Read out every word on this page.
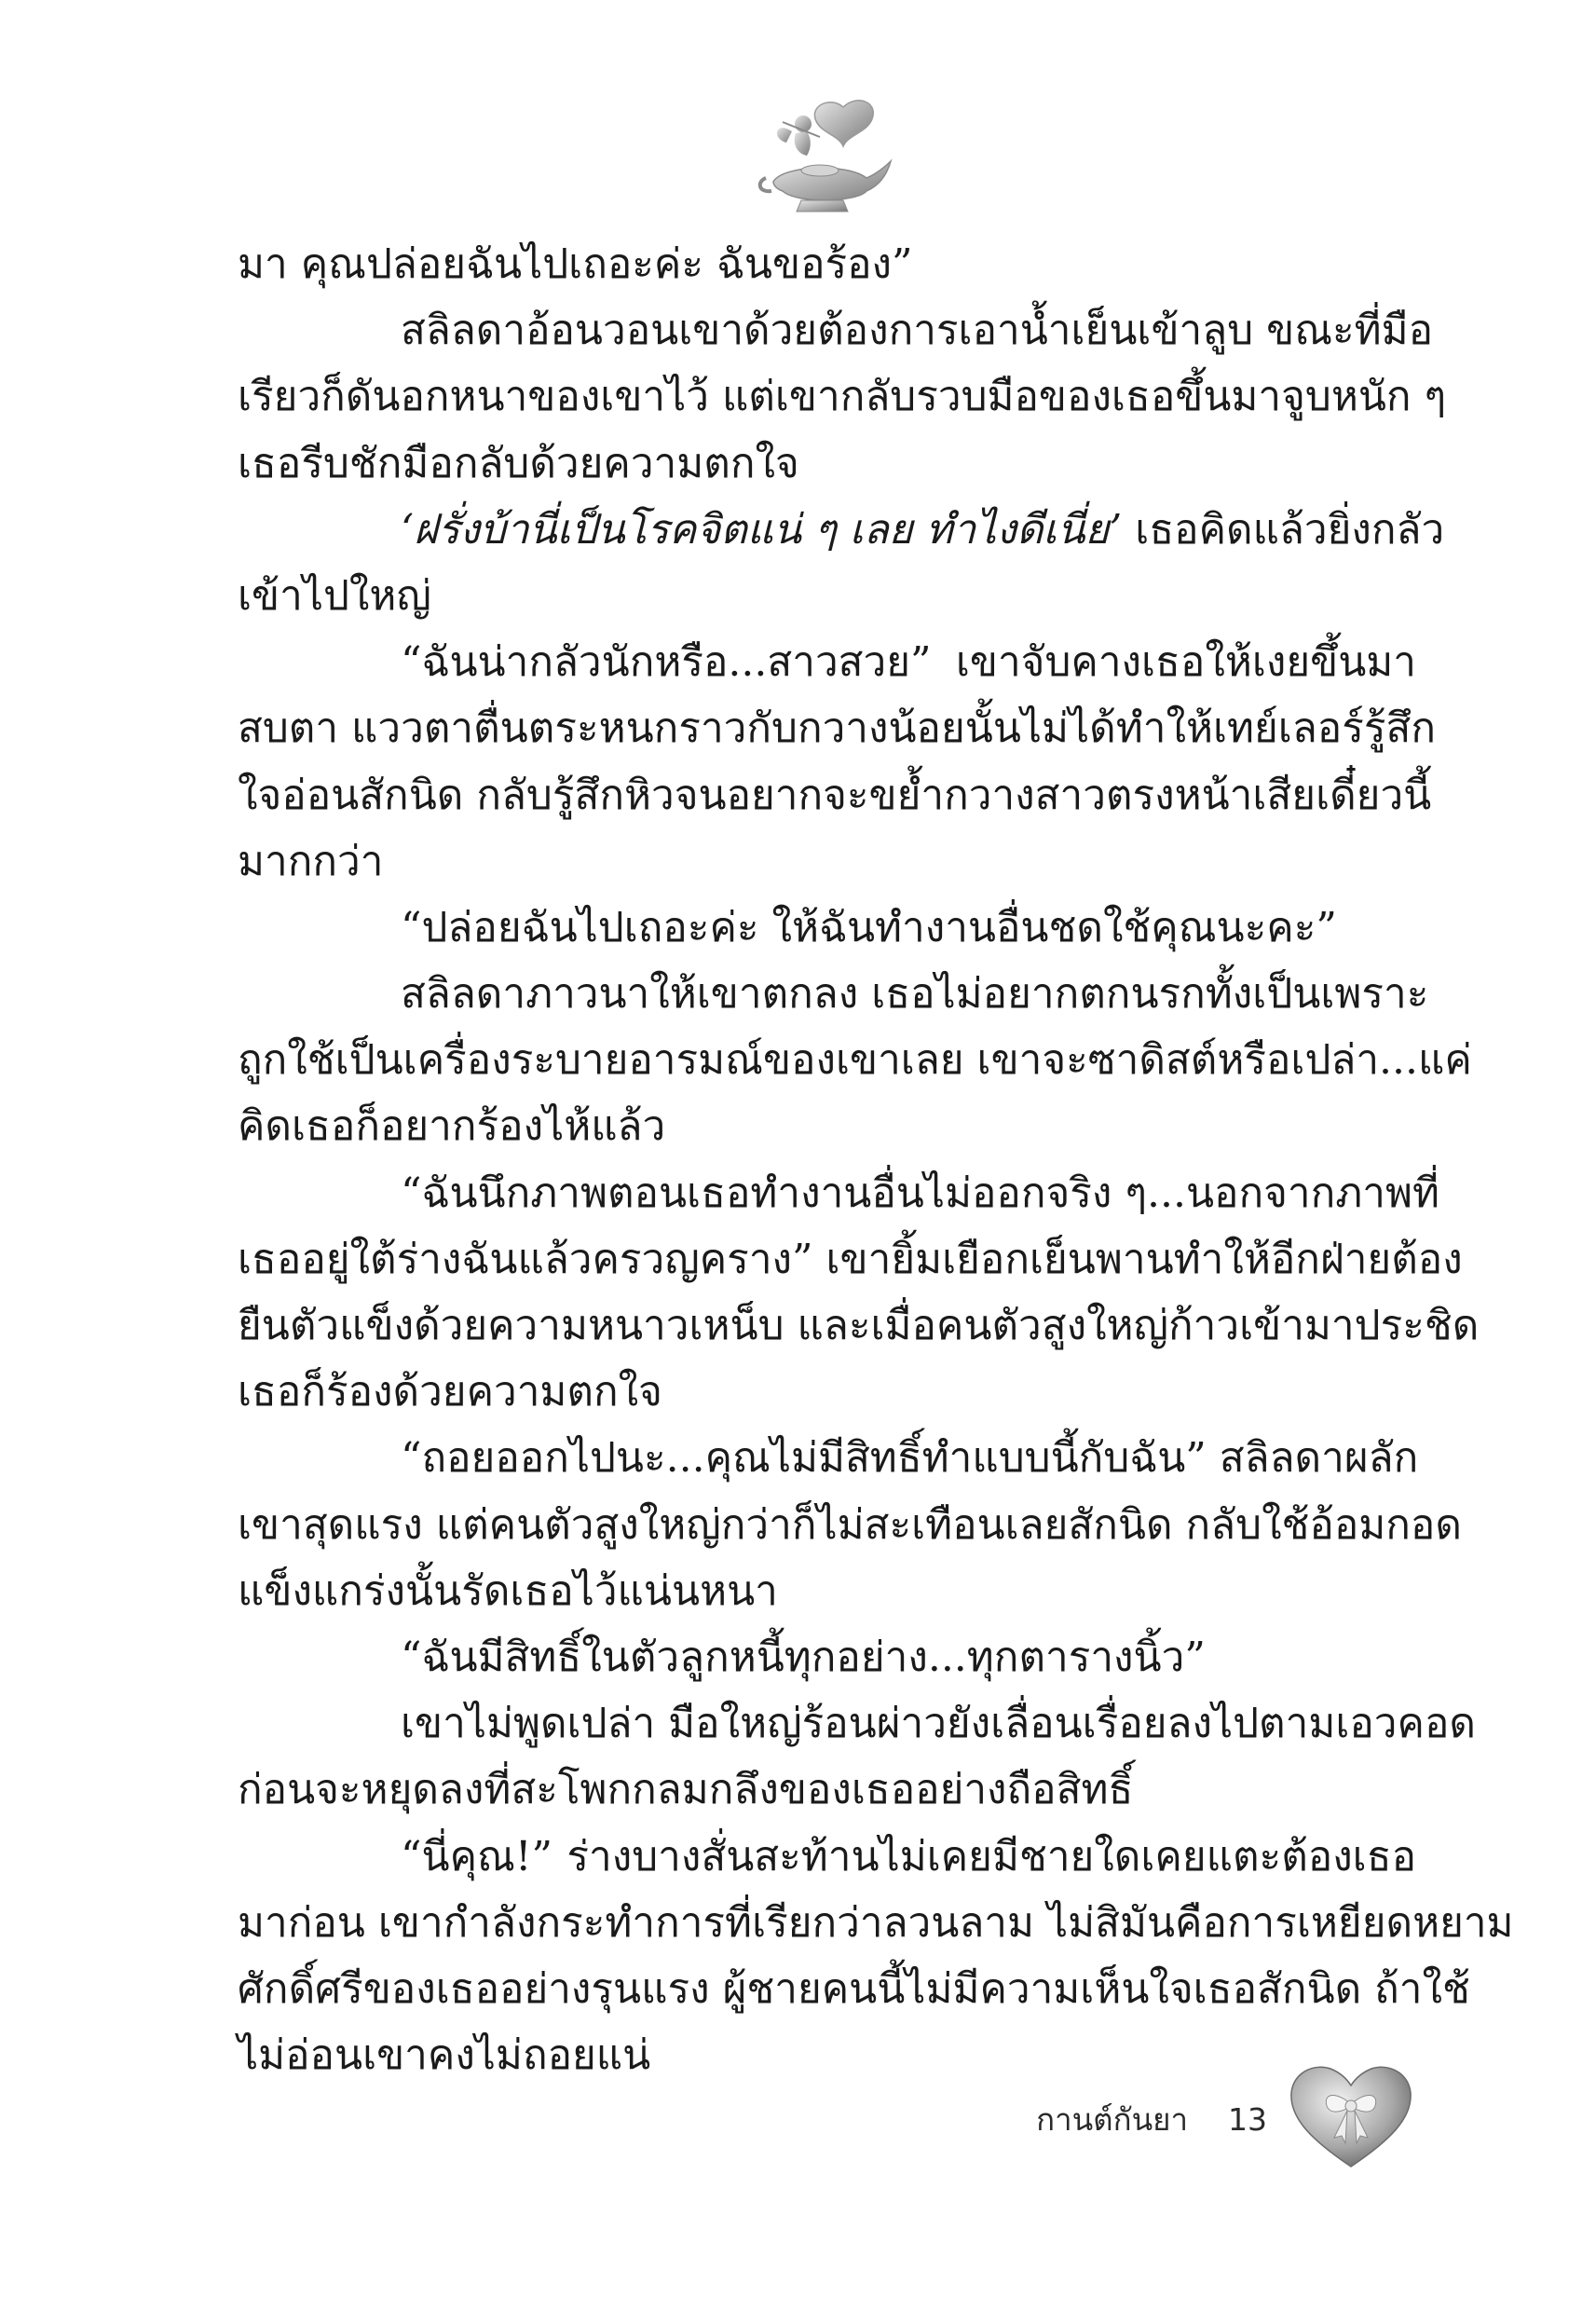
มา คุณปล่อยฉันไปเถอะค่ะ ฉันขอร้อง”
สลิลดาอ้อนวอนเขาด้วยต้องการเอาน้ำเย็นเข้าลูบ ขณะที่มือ
เรียวก็ดันอกหนาของเขาไว้ แต่เขากลับรวบมือของเธอขึ้นมาจูบหนัก ๆ
เธอรีบชักมือกลับด้วยความตกใจ
‘ฝรั่งบ้านี่เป็นโรคจิตแน่ ๆ เลย ทำไงดีเนี่ย’ เธอคิดแล้วยิ่งกลัว
เข้าไปใหญ่
“ฉันน่ากลัวนักหรือ...สาวสวย” เขาจับคางเธอให้เงยขึ้นมา
สบตา แววตาตื่นตระหนกราวกับกวางน้อยนั้นไม่ได้ทำให้เทย์เลอร์รู้สึก
ใจอ่อนสักนิด กลับรู้สึกหิวจนอยากจะขย้ำกวางสาวตรงหน้าเสียเดี๋ยวนี้
มากกว่า
“ปล่อยฉันไปเถอะค่ะ ให้ฉันทำงานอื่นชดใช้คุณนะคะ”
สลิลดาภาวนาให้เขาตกลง เธอไม่อยากตกนรกทั้งเป็นเพราะ
ถูกใช้เป็นเครื่องระบายอารมณ์ของเขาเลย เขาจะซาดิสต์หรือเปล่า...แค่
คิดเธอก็อยากร้องไห้แล้ว
“ฉันนึกภาพตอนเธอทำงานอื่นไม่ออกจริง ๆ...นอกจากภาพที่
เธออยู่ใต้ร่างฉันแล้วครวญคราง” เขายิ้มเยือกเย็นพานทำให้อีกฝ่ายต้อง
ยืนตัวแข็งด้วยความหนาวเหน็บ และเมื่อคนตัวสูงใหญ่ก้าวเข้ามาประชิด
เธอก็ร้องด้วยความตกใจ
“ถอยออกไปนะ...คุณไม่มีสิทธิ์ทำแบบนี้กับฉัน” สลิลดาผลัก
เขาสุดแรง แต่คนตัวสูงใหญ่กว่าก็ไม่สะเทือนเลยสักนิด กลับใช้อ้อมกอด
แข็งแกร่งนั้นรัดเธอไว้แน่นหนา
“ฉันมีสิทธิ์ในตัวลูกหนี้ทุกอย่าง...ทุกตารางนิ้ว”
เขาไม่พูดเปล่า มือใหญ่ร้อนผ่าวยังเลื่อนเรื่อยลงไปตามเอวคอด
ก่อนจะหยุดลงที่สะโพกกลมกลึงของเธออย่างถือสิทธิ์
“นี่คุณ!” ร่างบางสั่นสะท้านไม่เคยมีชายใดเคยแตะต้องเธอ
มาก่อน เขากำลังกระทำการที่เรียกว่าลวนลาม ไม่สิมันคือการเหยียดหยาม
ศักดิ์ศรีของเธออย่างรุนแรง ผู้ชายคนนี้ไม่มีความเห็นใจเธอสักนิด ถ้าใช้
ไม่อ่อนเขาคงไม่ถอยแน่
กานต์กันยา 13
